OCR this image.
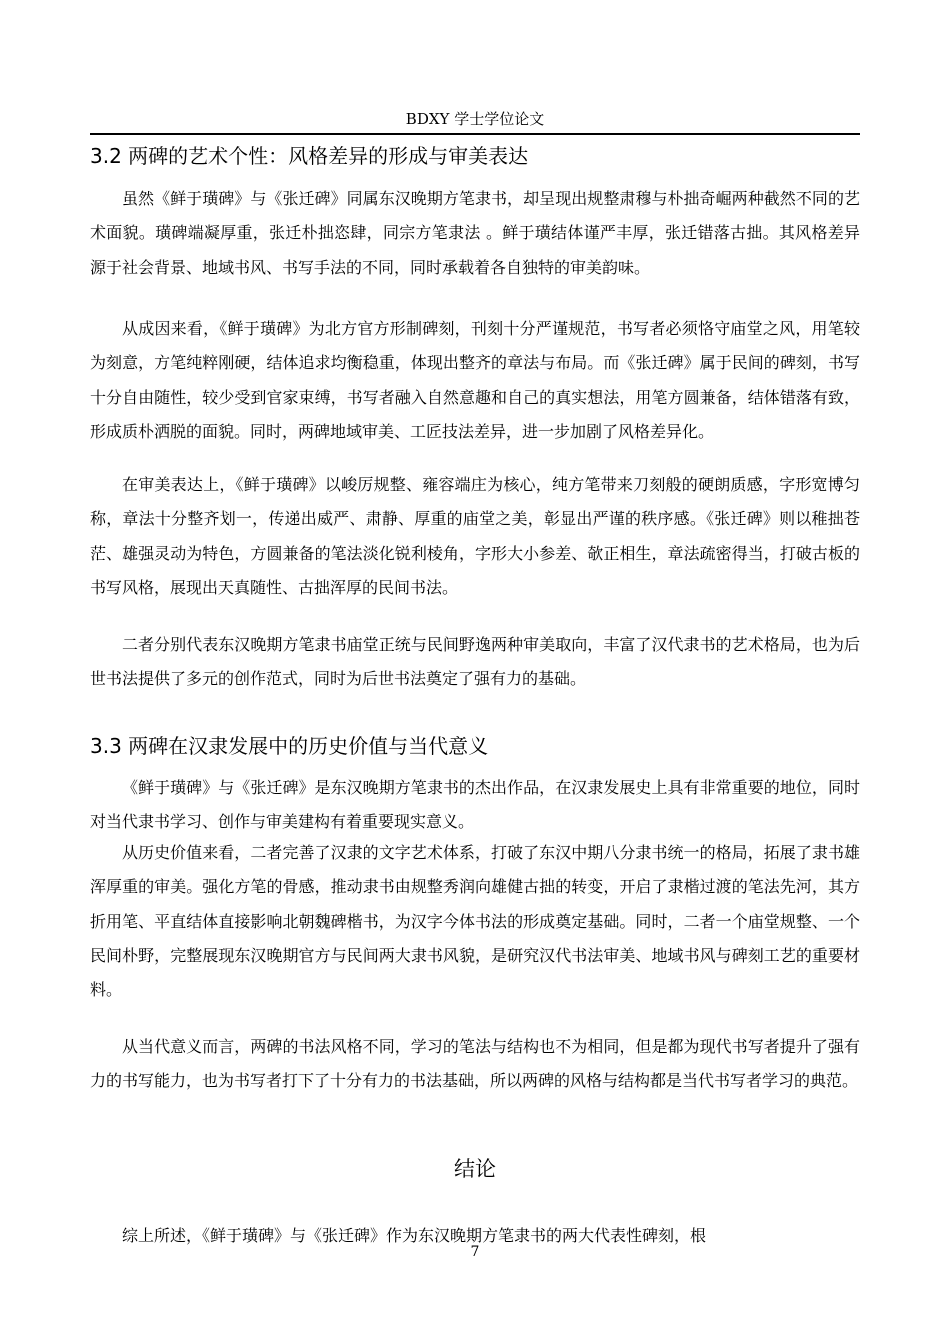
BDXY 学士学位论文
3.2 两碑的艺术个性：风格差异的形成与审美表达

虽然《鲜于璜碑》与《张迁碑》同属东汉晚期方笔隶书，却呈现出规整肃穆与朴拙奇崛两种截然不同的艺术面貌。璜碑端凝厚重，张迁朴拙恣肆，同宗方笔隶法 。鲜于璜结体谨严丰厚，张迁错落古拙。其风格差异源于社会背景、地域书风、书写手法的不同，同时承载着各自独特的审美韵味。

从成因来看，《鲜于璜碑》为北方官方形制碑刻，刊刻十分严谨规范，书写者必须恪守庙堂之风，用笔较为刻意，方笔纯粹刚硬，结体追求均衡稳重，体现出整齐的章法与布局。而《张迁碑》属于民间的碑刻，书写十分自由随性，较少受到官家束缚，书写者融入自然意趣和自己的真实想法，用笔方圆兼备，结体错落有致，形成质朴洒脱的面貌。同时，两碑地域审美、工匠技法差异，进一步加剧了风格差异化。

在审美表达上，《鲜于璜碑》以峻厉规整、雍容端庄为核心，纯方笔带来刀刻般的硬朗质感，字形宽博匀称，章法十分整齐划一，传递出威严、肃静、厚重的庙堂之美，彰显出严谨的秩序感。《张迁碑》则以稚拙苍茫、雄强灵动为特色，方圆兼备的笔法淡化锐利棱角，字形大小参差、欹正相生，章法疏密得当，打破古板的书写风格，展现出天真随性、古拙浑厚的民间书法。

二者分别代表东汉晚期方笔隶书庙堂正统与民间野逸两种审美取向，丰富了汉代隶书的艺术格局，也为后世书法提供了多元的创作范式，同时为后世书法奠定了强有力的基础。

3.3 两碑在汉隶发展中的历史价值与当代意义

《鲜于璜碑》与《张迁碑》是东汉晚期方笔隶书的杰出作品，在汉隶发展史上具有非常重要的地位，同时对当代隶书学习、创作与审美建构有着重要现实意义。

从历史价值来看，二者完善了汉隶的文字艺术体系，打破了东汉中期八分隶书统一的格局，拓展了隶书雄浑厚重的审美。强化方笔的骨感，推动隶书由规整秀润向雄健古拙的转变，开启了隶楷过渡的笔法先河，其方折用笔、平直结体直接影响北朝魏碑楷书，为汉字今体书法的形成奠定基础。同时，二者一个庙堂规整、一个民间朴野，完整展现东汉晚期官方与民间两大隶书风貌，是研究汉代书法审美、地域书风与碑刻工艺的重要材料。

从当代意义而言，两碑的书法风格不同，学习的笔法与结构也不为相同，但是都为现代书写者提升了强有力的书写能力，也为书写者打下了十分有力的书法基础，所以两碑的风格与结构都是当代书写者学习的典范。

结论

综上所述，《鲜于璜碑》与《张迁碑》作为东汉晚期方笔隶书的两大代表性碑刻，根

7
